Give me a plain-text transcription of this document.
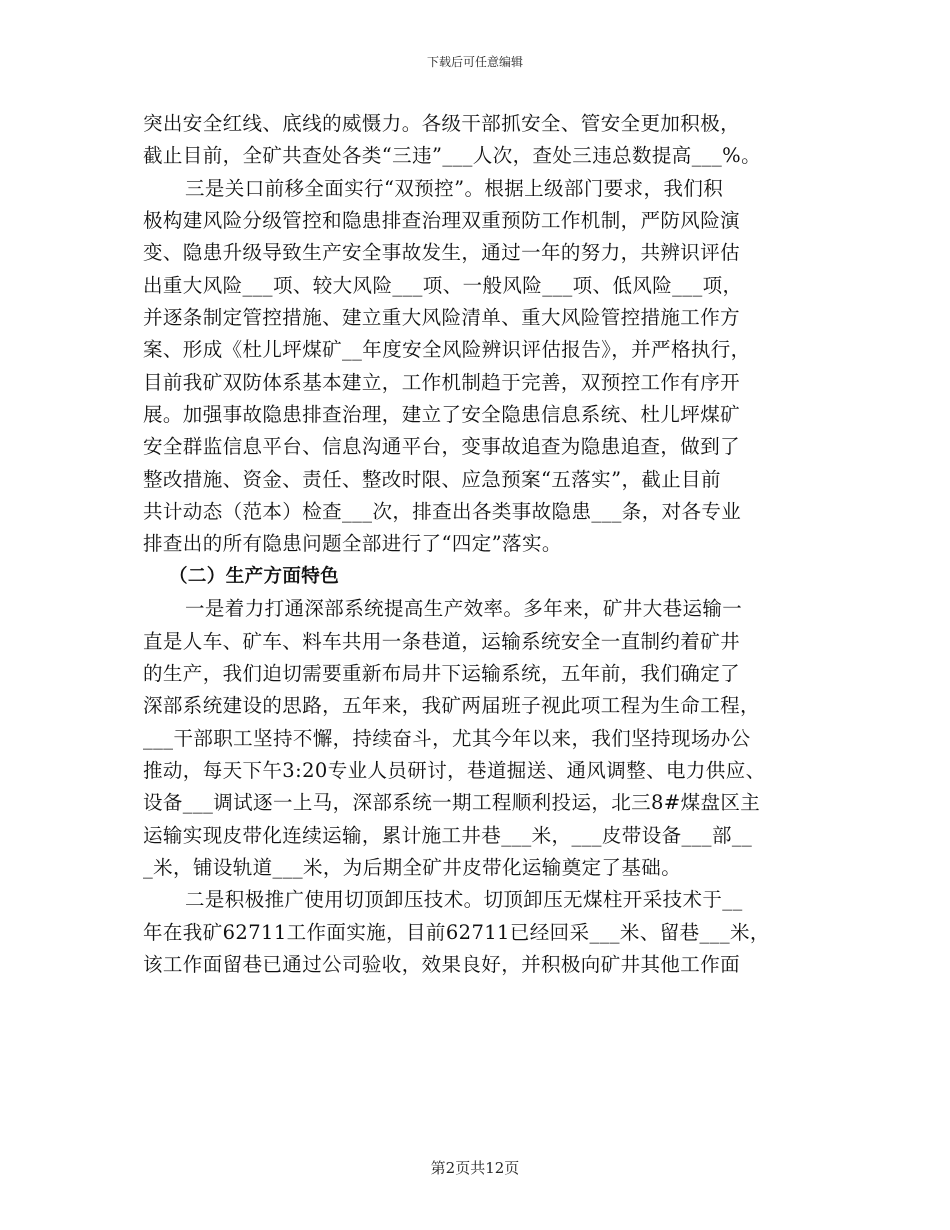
下载后可任意编辑
突出安全红线、底线的威慑力。各级干部抓安全、管安全更加积极，
截止目前，全矿共查处各类“三违”___人次，查处三违总数提高___%。
三是关口前移全面实行“双预控”。根据上级部门要求，我们积
极构建风险分级管控和隐患排查治理双重预防工作机制，严防风险演
变、隐患升级导致生产安全事故发生，通过一年的努力，共辨识评估
出重大风险___项、较大风险___项、一般风险___项、低风险___项，
并逐条制定管控措施、建立重大风险清单、重大风险管控措施工作方
案、形成《杜儿坪煤矿__年度安全风险辨识评估报告》，并严格执行，
目前我矿双防体系基本建立，工作机制趋于完善，双预控工作有序开
展。加强事故隐患排查治理，建立了安全隐患信息系统、杜儿坪煤矿
安全群监信息平台、信息沟通平台，变事故追查为隐患追查，做到了
整改措施、资金、责任、整改时限、应急预案“五落实”，截止目前
共计动态（范本）检查___次，排查出各类事故隐患___条，对各专业
排查出的所有隐患问题全部进行了“四定”落实。
（二）生产方面特色
一是着力打通深部系统提高生产效率。多年来，矿井大巷运输一
直是人车、矿车、料车共用一条巷道，运输系统安全一直制约着矿井
的生产，我们迫切需要重新布局井下运输系统，五年前，我们确定了
深部系统建设的思路，五年来，我矿两届班子视此项工程为生命工程，
___干部职工坚持不懈，持续奋斗，尤其今年以来，我们坚持现场办公
推动，每天下午3:20专业人员研讨，巷道掘送、通风调整、电力供应、
设备___调试逐一上马，深部系统一期工程顺利投运，北三8#煤盘区主
运输实现皮带化连续运输，累计施工井巷___米，___皮带设备___部__
_米，铺设轨道___米，为后期全矿井皮带化运输奠定了基础。
二是积极推广使用切顶卸压技术。切顶卸压无煤柱开采技术于__
年在我矿62711工作面实施，目前62711已经回采___米、留巷___米，
该工作面留巷已通过公司验收，效果良好，并积极向矿井其他工作面
第2页共12页
